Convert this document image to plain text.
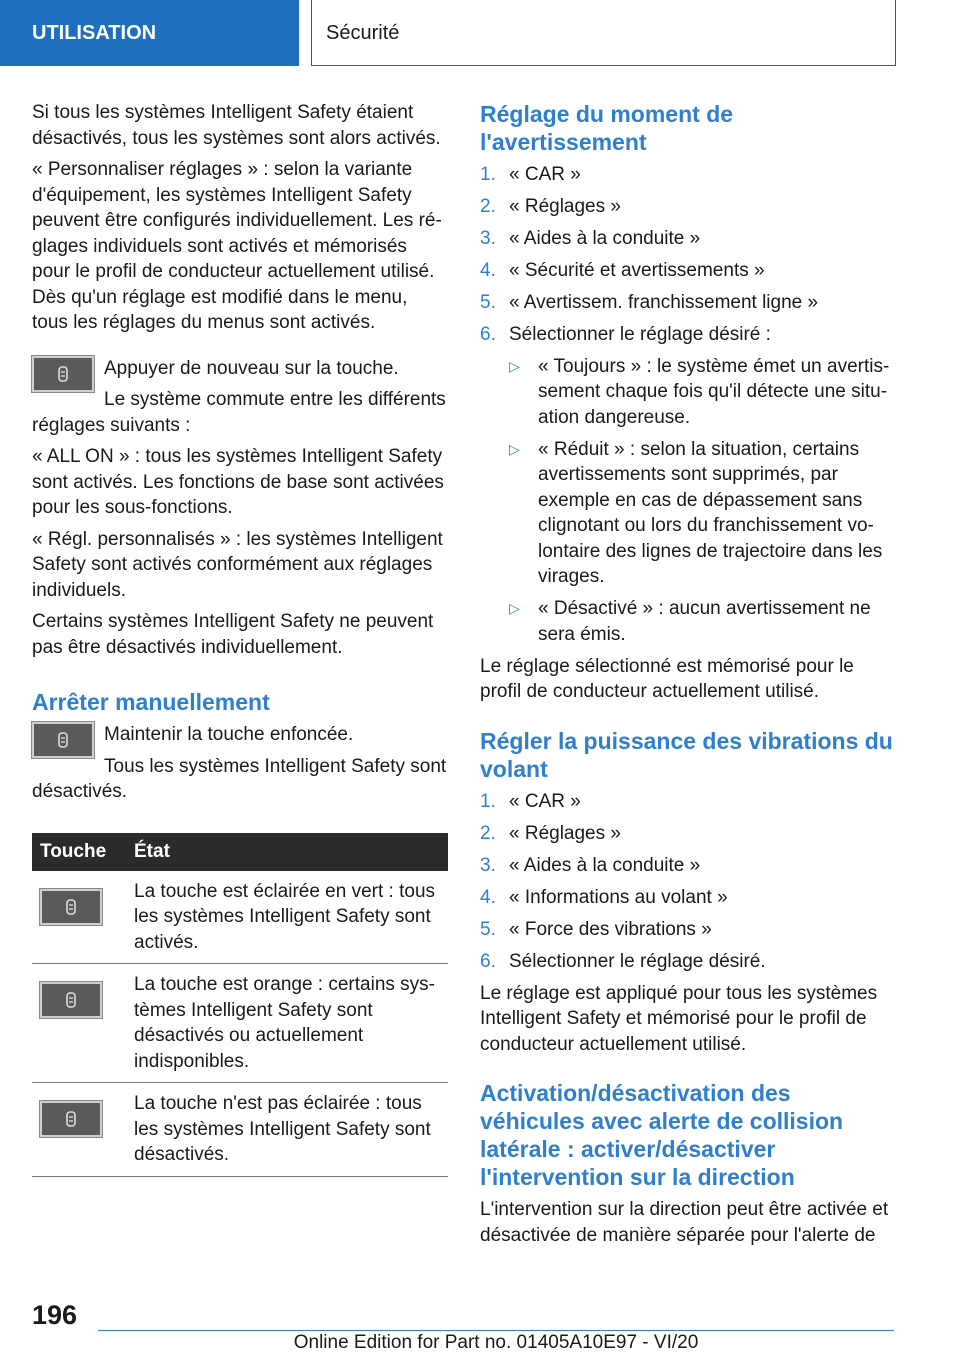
UTILISATION	Sécurité

Si tous les systèmes Intelligent Safety étaient désactivés, tous les systèmes sont alors activés.

« Personnaliser réglages » : selon la variante d'équipement, les systèmes Intelligent Safety peuvent être configurés individuellement. Les réglages individuels sont activés et mémorisés pour le profil de conducteur actuellement utilisé. Dès qu'un réglage est modifié dans le menu, tous les réglages du menus sont activés.

Appuyer de nouveau sur la touche.

Le système commute entre les différents réglages suivants :

« ALL ON » : tous les systèmes Intelligent Safety sont activés. Les fonctions de base sont activées pour les sous-fonctions.

« Régl. personnalisés » : les systèmes Intelligent Safety sont activés conformément aux réglages individuels.

Certains systèmes Intelligent Safety ne peuvent pas être désactivés individuellement.

Arrêter manuellement

Maintenir la touche enfoncée.

Tous les systèmes Intelligent Safety sont désactivés.

Touche	État

	La touche est éclairée en vert : tous les systèmes Intelligent Safety sont activés.

	La touche est orange : certains systèmes Intelligent Safety sont désactivés ou actuellement indisponibles.

	La touche n'est pas éclairée : tous les systèmes Intelligent Safety sont désactivés.
Réglage du moment de l'avertissement
1. « CAR »
2. « Réglages »
3. « Aides à la conduite »
4. « Sécurité et avertissements »
5. « Avertissem. franchissement ligne »
6. Sélectionner le réglage désiré :
▷ « Toujours » : le système émet un avertissement chaque fois qu'il détecte une situation dangereuse.
▷ « Réduit » : selon la situation, certains avertissements sont supprimés, par exemple en cas de dépassement sans clignotant ou lors du franchissement volontaire des lignes de trajectoire dans les virages.
▷ « Désactivé » : aucun avertissement ne sera émis.

Le réglage sélectionné est mémorisé pour le profil de conducteur actuellement utilisé.

Régler la puissance des vibrations du volant
1. « CAR »
2. « Réglages »
3. « Aides à la conduite »
4. « Informations au volant »
5. « Force des vibrations »
6. Sélectionner le réglage désiré.

Le réglage est appliqué pour tous les systèmes Intelligent Safety et mémorisé pour le profil de conducteur actuellement utilisé.

Activation/désactivation des véhicules avec alerte de collision latérale : activer/désactiver l'intervention sur la direction

L'intervention sur la direction peut être activée et désactivée de manière séparée pour l'alerte de

196
Online Edition for Part no. 01405A10E97 - VI/20
